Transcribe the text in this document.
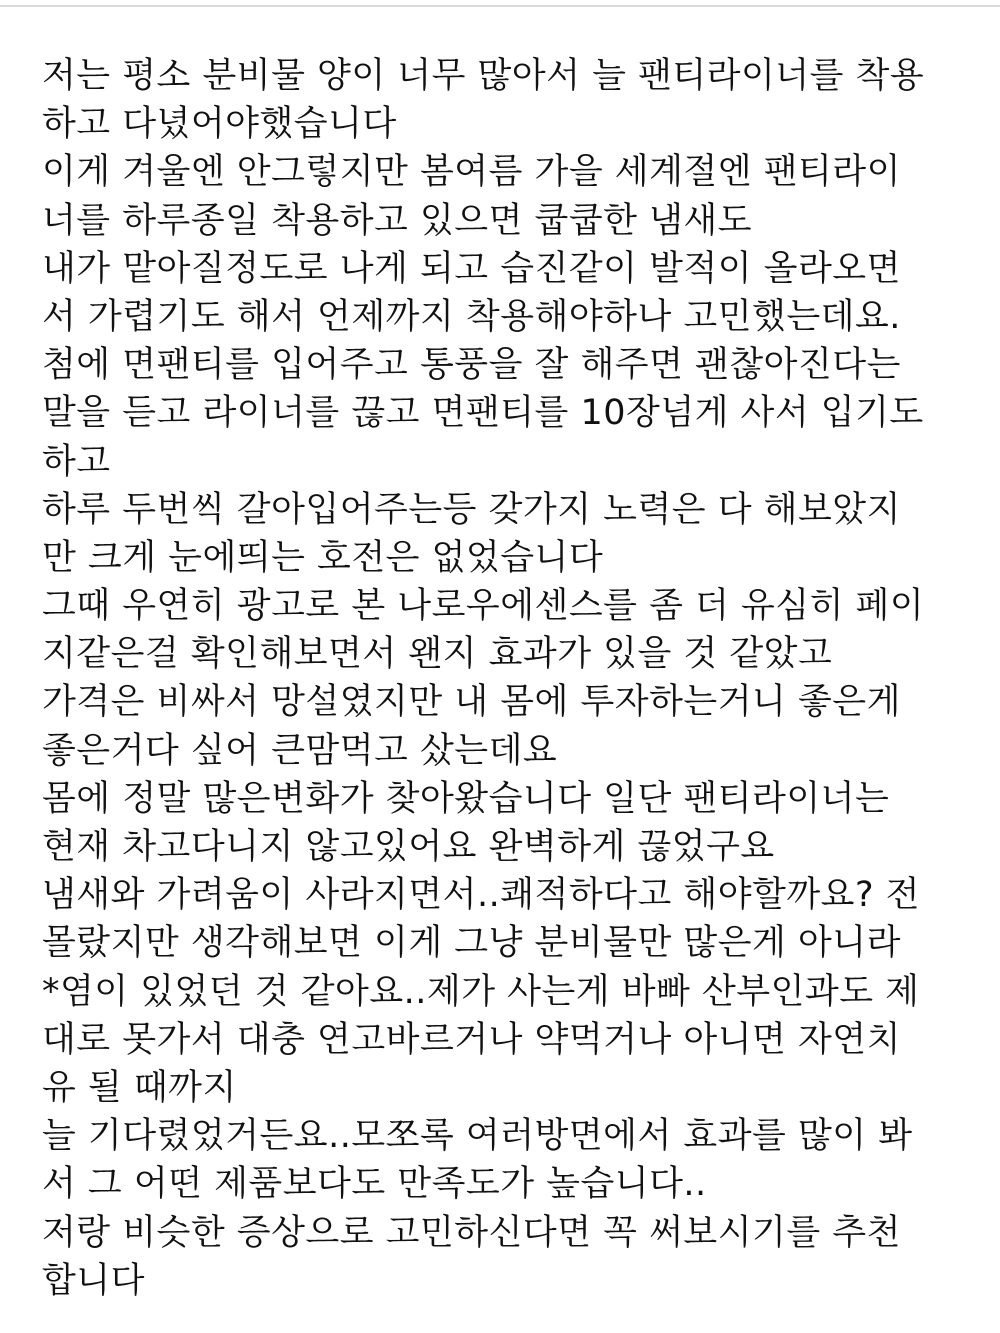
저는 평소 분비물 양이 너무 많아서 늘 팬티라이너를 착용
하고 다녔어야했습니다
이게 겨울엔 안그렇지만 봄여름 가을 세계절엔 팬티라이
너를 하루종일 착용하고 있으면 쿱쿱한 냄새도
내가 맡아질정도로 나게 되고 습진같이 발적이 올라오면
서 가렵기도 해서 언제까지 착용해야하나 고민했는데요.
첨에 면팬티를 입어주고 통풍을 잘 해주면 괜찮아진다는
말을 듣고 라이너를 끊고 면팬티를 10장넘게 사서 입기도
하고
하루 두번씩 갈아입어주는등 갖가지 노력은 다 해보았지
만 크게 눈에띄는 호전은 없었습니다
그때 우연히 광고로 본 나로우에센스를 좀 더 유심히 페이
지같은걸 확인해보면서 왠지 효과가 있을 것 같았고
가격은 비싸서 망설였지만 내 몸에 투자하는거니 좋은게
좋은거다 싶어 큰맘먹고 샀는데요
몸에 정말 많은변화가 찾아왔습니다 일단 팬티라이너는
현재 차고다니지 않고있어요 완벽하게 끊었구요
냄새와 가려움이 사라지면서..쾌적하다고 해야할까요? 전
몰랐지만 생각해보면 이게 그냥 분비물만 많은게 아니라
*염이 있었던 것 같아요..제가 사는게 바빠 산부인과도 제
대로 못가서 대충 연고바르거나 약먹거나 아니면 자연치
유 될 때까지
늘 기다렸었거든요..모쪼록 여러방면에서 효과를 많이 봐
서 그 어떤 제품보다도 만족도가 높습니다..
저랑 비슷한 증상으로 고민하신다면 꼭 써보시기를 추천
합니다
